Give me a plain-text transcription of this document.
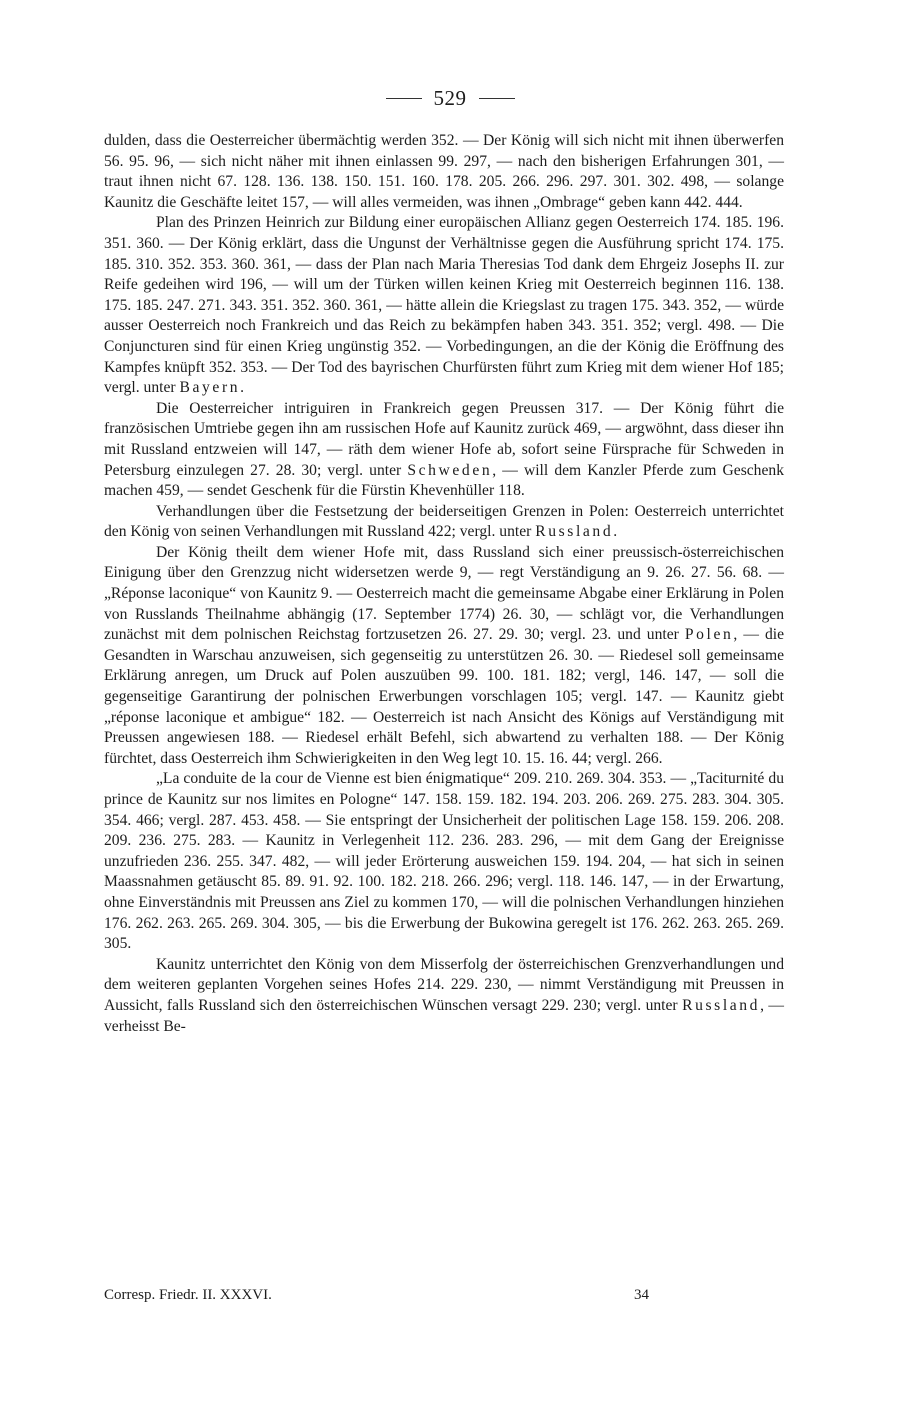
529

dulden, dass die Oesterreicher übermächtig werden 352. — Der König will sich nicht mit ihnen überwerfen 56. 95. 96, — sich nicht näher mit ihnen einlassen 99. 297, — nach den bisherigen Erfahrungen 301, — traut ihnen nicht 67. 128. 136. 138. 150. 151. 160. 178. 205. 266. 296. 297. 301. 302. 498, — solange Kaunitz die Geschäfte leitet 157, — will alles vermeiden, was ihnen „Ombrage“ geben kann 442. 444.

Plan des Prinzen Heinrich zur Bildung einer europäischen Allianz gegen Oesterreich 174. 185. 196. 351. 360. — Der König erklärt, dass die Ungunst der Verhältnisse gegen die Ausführung spricht 174. 175. 185. 310. 352. 353. 360. 361, — dass der Plan nach Maria Theresias Tod dank dem Ehrgeiz Josephs II. zur Reife gedeihen wird 196, — will um der Türken willen keinen Krieg mit Oesterreich beginnen 116. 138. 175. 185. 247. 271. 343. 351. 352. 360. 361, — hätte allein die Kriegslast zu tragen 175. 343. 352, — würde ausser Oesterreich noch Frankreich und das Reich zu bekämpfen haben 343. 351. 352; vergl. 498. — Die Conjuncturen sind für einen Krieg ungünstig 352. — Vorbedingungen, an die der König die Eröffnung des Kampfes knüpft 352. 353. — Der Tod des bayrischen Churfürsten führt zum Krieg mit dem wiener Hof 185; vergl. unter Bayern.

Die Oesterreicher intriguiren in Frankreich gegen Preussen 317. — Der König führt die französischen Umtriebe gegen ihn am russischen Hofe auf Kaunitz zurück 469, — argwöhnt, dass dieser ihn mit Russland entzweien will 147, — räth dem wiener Hofe ab, sofort seine Fürsprache für Schweden in Petersburg einzulegen 27. 28. 30; vergl. unter Schweden, — will dem Kanzler Pferde zum Geschenk machen 459, — sendet Geschenk für die Fürstin Khevenhüller 118.

Verhandlungen über die Festsetzung der beiderseitigen Grenzen in Polen: Oesterreich unterrichtet den König von seinen Verhandlungen mit Russland 422; vergl. unter Russland.

Der König theilt dem wiener Hofe mit, dass Russland sich einer preussisch-österreichischen Einigung über den Grenzzug nicht widersetzen werde 9, — regt Verständigung an 9. 26. 27. 56. 68. — „Réponse laconique“ von Kaunitz 9. — Oesterreich macht die gemeinsame Abgabe einer Erklärung in Polen von Russlands Theilnahme abhängig (17. September 1774) 26. 30, — schlägt vor, die Verhandlungen zunächst mit dem polnischen Reichstag fortzusetzen 26. 27. 29. 30; vergl. 23. und unter Polen, — die Gesandten in Warschau anzuweisen, sich gegenseitig zu unterstützen 26. 30. — Riedesel soll gemeinsame Erklärung anregen, um Druck auf Polen auszuüben 99. 100. 181. 182; vergl, 146. 147, — soll die gegenseitige Garantirung der polnischen Erwerbungen vorschlagen 105; vergl. 147. — Kaunitz giebt „réponse laconique et ambigue“ 182. — Oesterreich ist nach Ansicht des Königs auf Verständigung mit Preussen angewiesen 188. — Riedesel erhält Befehl, sich abwartend zu verhalten 188. — Der König fürchtet, dass Oesterreich ihm Schwierigkeiten in den Weg legt 10. 15. 16. 44; vergl. 266.

„La conduite de la cour de Vienne est bien énigmatique“ 209. 210. 269. 304. 353. — „Taciturnité du prince de Kaunitz sur nos limites en Pologne“ 147. 158. 159. 182. 194. 203. 206. 269. 275. 283. 304. 305. 354. 466; vergl. 287. 453. 458. — Sie entspringt der Unsicherheit der politischen Lage 158. 159. 206. 208. 209. 236. 275. 283. — Kaunitz in Verlegenheit 112. 236. 283. 296, — mit dem Gang der Ereignisse unzufrieden 236. 255. 347. 482, — will jeder Erörterung ausweichen 159. 194. 204, — hat sich in seinen Maassnahmen getäuscht 85. 89. 91. 92. 100. 182. 218. 266. 296; vergl. 118. 146. 147, — in der Erwartung, ohne Einverständnis mit Preussen ans Ziel zu kommen 170, — will die polnischen Verhandlungen hinziehen 176. 262. 263. 265. 269. 304. 305, — bis die Erwerbung der Bukowina geregelt ist 176. 262. 263. 265. 269. 305.

Kaunitz unterrichtet den König von dem Misserfolg der österreichischen Grenzverhandlungen und dem weiteren geplanten Vorgehen seines Hofes 214. 229. 230, — nimmt Verständigung mit Preussen in Aussicht, falls Russland sich den österreichischen Wünschen versagt 229. 230; vergl. unter Russland, — verheisst Be-

Corresp. Friedr. II. XXXVI.	34
